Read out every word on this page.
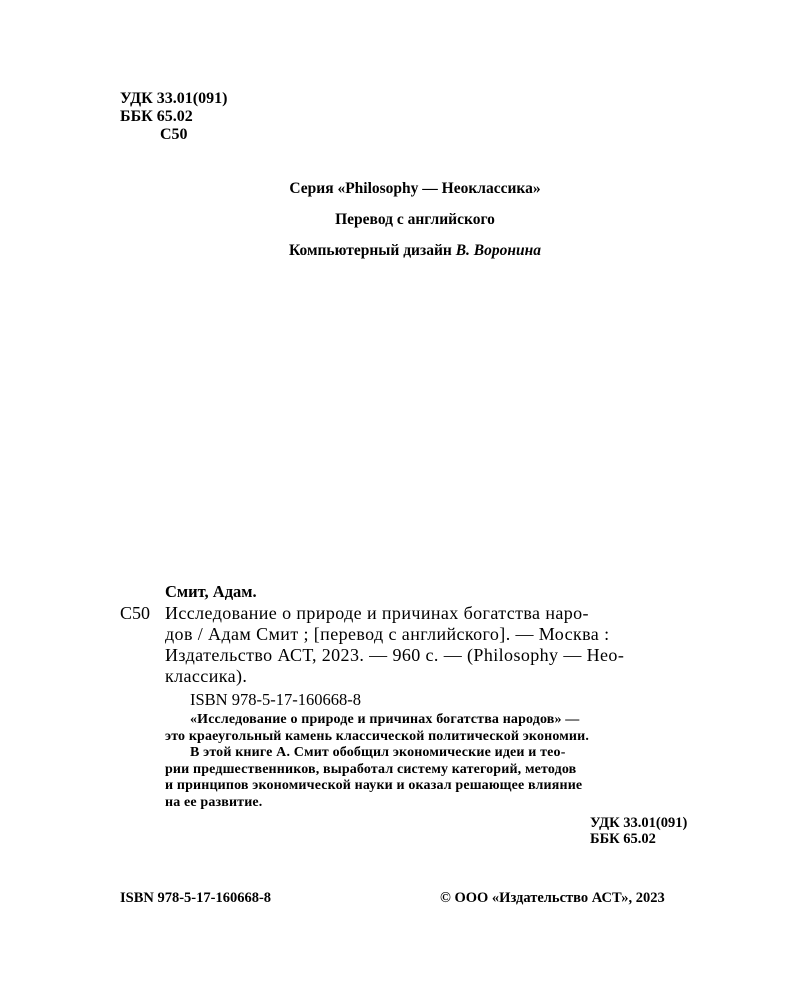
УДК 33.01(091)
ББК 65.02
С50
Серия «Philosophy — Неоклассика»
Перевод с английского
Компьютерный дизайн В. Воронина
Смит, Адам.
С50 Исследование о природе и причинах богатства наро-
дов / Адам Смит ; [перевод с английского]. — Москва :
Издательство АСТ, 2023. — 960 с. — (Philosophy — Нео-
классика).
ISBN 978-5-17-160668-8
«Исследование о природе и причинах богатства народов» —
это краеугольный камень классической политической экономии.
В этой книге А. Смит обобщил экономические идеи и тео-
рии предшественников, выработал систему категорий, методов
и принципов экономической науки и оказал решающее влияние
на ее развитие.
УДК 33.01(091)
ББК 65.02
ISBN 978-5-17-160668-8	© ООО «Издательство АСТ», 2023
